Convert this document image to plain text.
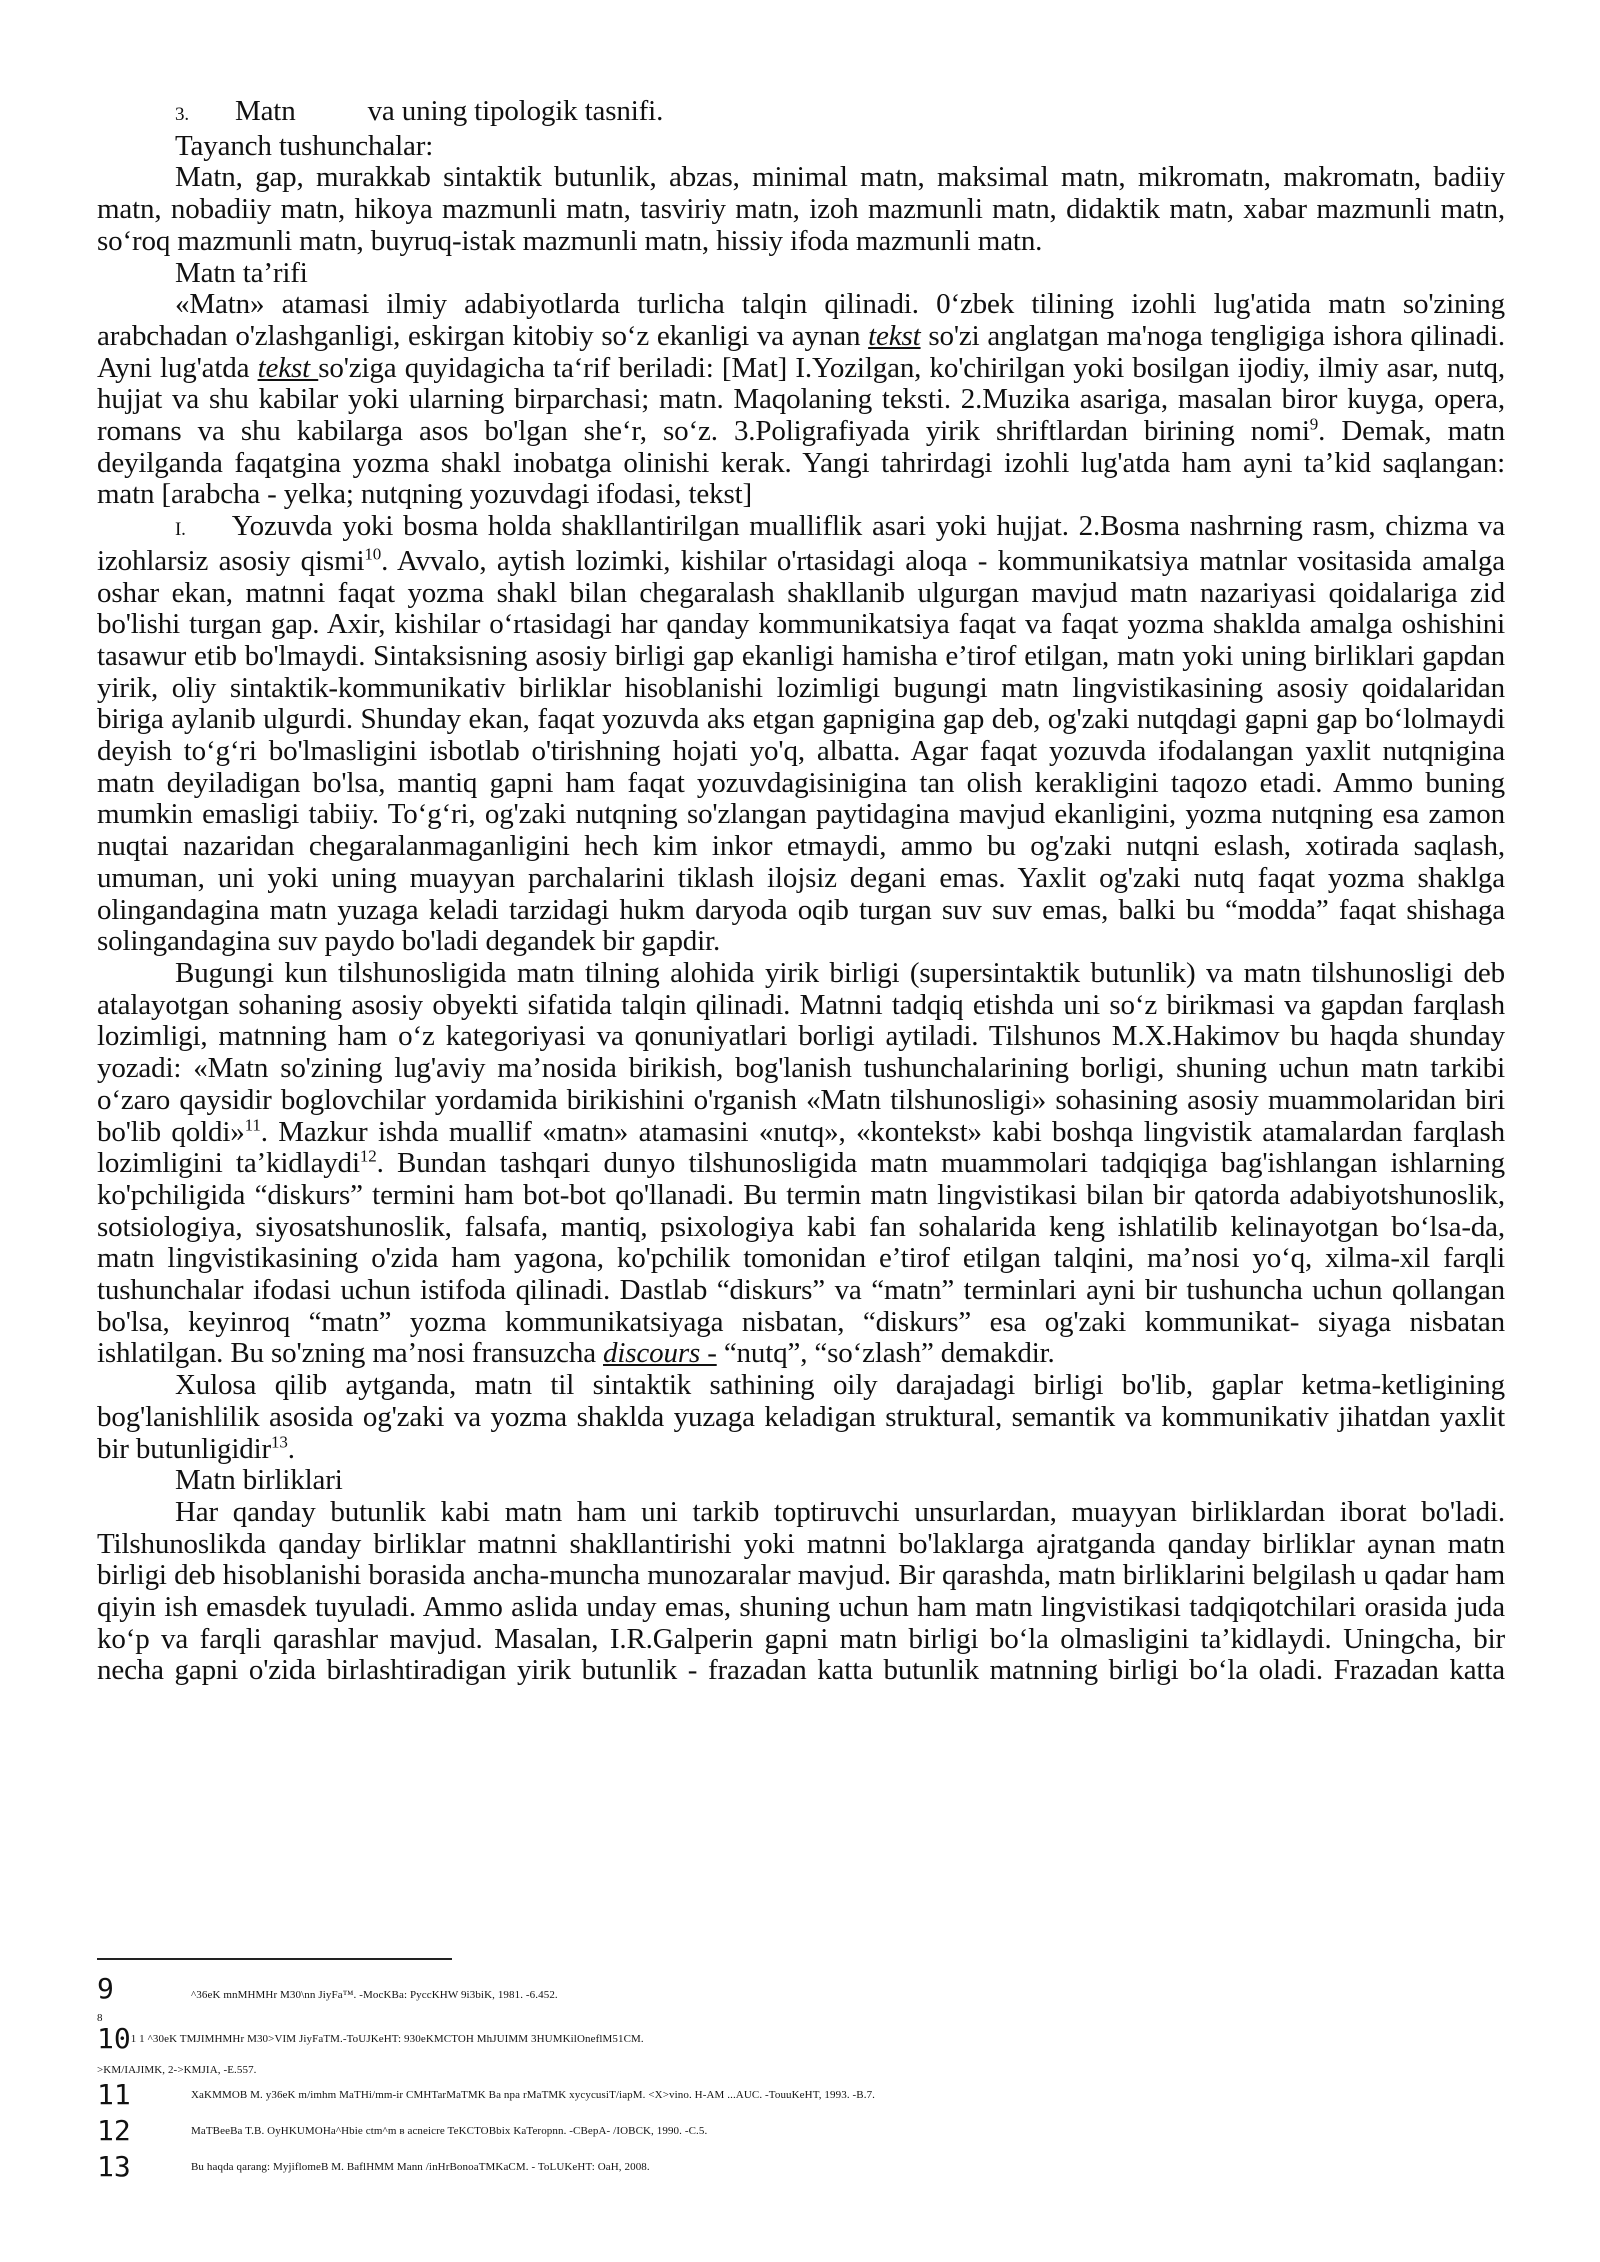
3. Matn va uning tipologik tasnifi.

Tayanch tushunchalar:

Matn, gap, murakkab sintaktik butunlik, abzas, minimal matn, maksimal matn, mikromatn, makromatn, badiiy matn, nobadiiy matn, hikoya mazmunli matn, tasviriy matn, izoh mazmunli matn, didaktik matn, xabar mazmunli matn, so‘roq mazmunli matn, buyruq-istak mazmunli matn, hissiy ifoda mazmunli matn.

Matn ta’rifi

«Matn» atamasi ilmiy adabiyotlarda turlicha talqin qilinadi. 0‘zbek tilining izohli lug'atida matn so'zining arabchadan o'zlashganligi, eskirgan kitobiy so‘z ekanligi va aynan tekst so'zi anglatgan ma'noga tengligiga ishora qilinadi. Ayni lug'atda tekst so'ziga quyidagicha ta‘rif beriladi: [Mat] I.Yozilgan, ko'chirilgan yoki bosilgan ijodiy, ilmiy asar, nutq, hujjat va shu kabilar yoki ularning birparchasi; matn. Maqolaning teksti. 2.Muzika asariga, masalan biror kuyga, opera, romans va shu kabilarga asos bo'lgan she‘r, so‘z. 3.Poligrafiyada yirik shriftlardan birining nomi$^9$. Demak, matn deyilganda faqatgina yozma shakl inobatga olinishi kerak. Yangi tahrirdagi izohli lug'atda ham ayni ta’kid saqlangan: matn [arabcha - yelka; nutqning yozuvdagi ifodasi, tekst]

I. Yozuvda yoki bosma holda shakllantirilgan mualliflik asari yoki hujjat. 2.Bosma nashrning rasm, chizma va izohlarsiz asosiy qismi$^{10}$. Avvalo, aytish lozimki, kishilar o'rtasidagi aloqa - kommunikatsiya matnlar vositasida amalga oshar ekan, matnni faqat yozma shakl bilan chegaralash shakllanib ulgurgan mavjud matn nazariyasi qoidalariga zid bo'lishi turgan gap. Axir, kishilar o‘rtasidagi har qanday kommunikatsiya faqat va faqat yozma shaklda amalga oshishini tasawur etib bo'lmaydi. Sintaksisning asosiy birligi gap ekanligi hamisha e’tirof etilgan, matn yoki uning birliklari gapdan yirik, oliy sintaktik-kommunikativ birliklar hisoblanishi lozimligi bugungi matn lingvistikasining asosiy qoidalaridan biriga aylanib ulgurdi. Shunday ekan, faqat yozuvda aks etgan gapnigina gap deb, og'zaki nutqdagi gapni gap bo‘lolmaydi deyish to‘g‘ri bo'lmasligini isbotlab o'tirishning hojati yo'q, albatta. Agar faqat yozuvda ifodalangan yaxlit nutqnigina matn deyiladigan bo'lsa, mantiq gapni ham faqat yozuvdagisinigina tan olish kerakligini taqozo etadi. Ammo buning mumkin emasligi tabiiy. To‘g‘ri, og'zaki nutqning so'zlangan paytidagina mavjud ekanligini, yozma nutqning esa zamon nuqtai nazaridan chegaralanmaganligini hech kim inkor etmaydi, ammo bu og'zaki nutqni eslash, xotirada saqlash, umuman, uni yoki uning muayyan parchalarini tiklash ilojsiz degani emas. Yaxlit og'zaki nutq faqat yozma shaklga olingandagina matn yuzaga keladi tarzidagi hukm daryoda oqib turgan suv suv emas, balki bu “modda” faqat shishaga solingandagina suv paydo bo'ladi degandek bir gapdir.

Bugungi kun tilshunosligida matn tilning alohida yirik birligi (supersintaktik butunlik) va matn tilshunosligi deb atalayotgan sohaning asosiy obyekti sifatida talqin qilinadi. Matnni tadqiq etishda uni so‘z birikmasi va gapdan farqlash lozimligi, matnning ham o‘z kategoriyasi va qonuniyatlari borligi aytiladi. Tilshunos M.X.Hakimov bu haqda shunday yozadi: «Matn so'zining lug'aviy ma’nosida birikish, bog'lanish tushunchalarining borligi, shuning uchun matn tarkibi o‘zaro qaysidir boglovchilar yordamida birikishini o'rganish «Matn tilshunosligi» sohasining asosiy muammolaridan biri bo'lib qoldi»$^{11}$. Mazkur ishda muallif «matn» atamasini «nutq», «kontekst» kabi boshqa lingvistik atamalardan farqlash lozimligini ta’kidlaydi$^{12}$. Bundan tashqari dunyo tilshunosligida matn muammolari tadqiqiga bag'ishlangan ishlarning ko'pchiligida “diskurs” termini ham bot-bot qo'llanadi. Bu termin matn lingvistikasi bilan bir qatorda adabiyotshunoslik, sotsiologiya, siyosatshunoslik, falsafa, mantiq, psixologiya kabi fan sohalarida keng ishlatilib kelinayotgan bo‘lsa-da, matn lingvistikasining o'zida ham yagona, ko'pchilik tomonidan e’tirof etilgan talqini, ma’nosi yo‘q, xilma-xil farqli tushunchalar ifodasi uchun istifoda qilinadi. Dastlab “diskurs” va “matn” terminlari ayni bir tushuncha uchun qollangan bo'lsa, keyinroq “matn” yozma kommunikatsiyaga nisbatan, “diskurs” esa og'zaki kommunikat- siyaga nisbatan ishlatilgan. Bu so'zning ma’nosi fransuzcha discours - “nutq”, “so‘zlash” demakdir.

Xulosa qilib aytganda, matn til sintaktik sathining oily darajadagi birligi bo'lib, gaplar ketma-ketligining bog'lanishlilik asosida og'zaki va yozma shaklda yuzaga keladigan struktural, semantik va kommunikativ jihatdan yaxlit bir butunligidir$^{13}$.

Matn birliklari

Har qanday butunlik kabi matn ham uni tarkib toptiruvchi unsurlardan, muayyan birliklardan iborat bo'ladi. Tilshunoslikda qanday birliklar matnni shakllantirishi yoki matnni bo'laklarga ajratganda qanday birliklar aynan matn birligi deb hisoblanishi borasida ancha-muncha munozaralar mavjud. Bir qarashda, matn birliklarini belgilash u qadar ham qiyin ish emasdek tuyuladi. Ammo aslida unday emas, shuning uchun ham matn lingvistikasi tadqiqotchilari orasida juda ko‘p va farqli qarashlar mavjud. Masalan, I.R.Galperin gapni matn birligi bo‘la olmasligini ta’kidlaydi. Uningcha, bir necha gapni o'zida birlashtiradigan yirik butunlik - frazadan katta butunlik matnning birligi bo‘la oladi. Frazadan katta

9	^36eK mnMHMHr M30\nn JiyFa™. -MocKBa: PyccKHW 9i3biK, 1981. -6.452.
8
$10^{1 1 \^{}30eK TMJIMHMHr M30>VIM JiyFaTM.-ToUJKeHT: 930eKMCTOH MhJUIMM 3HUMKilOneflM51CM.}$
>KM/IAJIMK, 2->KMJIA, -E.557.
11	$^{XaKMMOB M. y36eK m/imhm MaTHi/mm-ir CMHTarMaTMK Ba npa rMaTMK xycycusiT/iapM. <X>vino. H-AM ...AUC. -TouuKeHT, 1993. -B.7.}$
12	$^{MaTBeeBa T.B. OyHKUMOHa\^{}Hbie ctm\^{}m в acneicre TeKCTOBbix KaTeropnn. -CBepA- /IOBCK, 1990. -C.5.}$
13	$^{Bu haqda qarang: MyjiflomeB M. BaflHMM Mann /inHrBonoaTMKaCM. - ToLUKeHT: OaH, 2008.}$
